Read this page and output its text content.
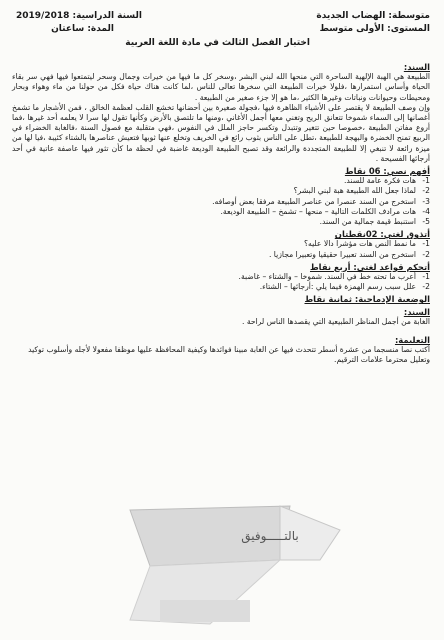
متوسطة: الهضاب الجديدة
المستوى: الأولى متوسط
السنة الدراسية: 2019/2018
المدة: ساعتان
اختبار الفصل الثالث في مادة اللغة العربية
السند:

الطبيعة هي الهبة الإلهية الساحرة التي منحها الله لبني البشر ،وسخر كل ما فيها من خيرات وجمال وسحر ليتمتعوا فيها فهي سر بقاء الحياة وأساس استمرارها ،فلولا خيرات الطبيعة التي سخرها تعالى للناس ،لما كانت هناك حياة فكل من حولنا من ماء وهواء وبحار ومحيطات وحيوانات ونباتات وغيرها الكثير ،ما هو إلا جزء صغير من الطبيعة .

وإن وصف الطبيعة لا يقتصر على الأشياء الظاهرة فيها ،فجولة صغيرة بين أحضانها تخشع القلب لعظمة الخالق ، فمن الأشجار ما تشمخ أغصانها إلى السماء شموخا تتعانق الريح وتغني معها أجمل الأغاني ،ومنها ما تلتصق بالأرض وكأنها تقول لها سرا لا يعلمه أحد غيرها ،فما أروع مفاتن الطبيعة ،خصوصا حين تتغير وتتبدل وتكسر حاجز الملل في النفوس ،فهي متقلبة مع فصول السنة ،فالغابة الخضراء في الربيع تمنح الخضرة والبهجة للطبيعة ،تطل على الناس بثوب رائع في الخريف وتخلع عنها ثوبها فتعيش عناصرها بالشتاء كئيبة ،فيا لها من ميزة رائعة لا تنبغي إلا للطبيعة المتجددة والرائعة وقد تصبح الطبيعة الوديعة غاضبة في لحظة ما كأن تثور فيها عاصفة عاتية في أحد أرجائها الفسيحة .

أفهم نصي: 06 نقاط
1-هات فكرة عامة للسند.
2-لماذا جعل الله الطبيعة هبة لبني البشر؟
3-استخرج من السند عنصرا من عناصر الطبيعة مرفقا بعض أوصافه.
4-هات مرادف الكلمات التالية – منحها – تشمخ – الطبيعة الوديعة.
5-استنبط قيمة جمالية من السند.
أتذوق لغتي: 02نقطتان
1-ما نمط النص هات مؤشرا دالا عليه؟
2-استخرج من السند تعبيرا حقيقيا وتعبيرا مجازيا .
أتحكم قواعد لغتي: أربع نقاط
1-أعرب ما تحته خط في السند. شموخا – والشتاء – غاضبة.
2-علل سبب رسم الهمزة فيما يلي :أرجائها – الشتاء.
الوضعية الإدماجية: ثمانية نقاط
السند:
الغابة من أجمل المناظر الطبيعية التي يقصدها الناس لراحة .
التعليمة:
أكتب نصا منسجما من عشرة أسطر تتحدث فيها عن الغابة مبينا فوائدها وكيفية المحافظة عليها موظفا مفعولا لأجله وأسلوب توكيد وتعليل محترما علامات الترقيم.
بالتـــــوفيق
